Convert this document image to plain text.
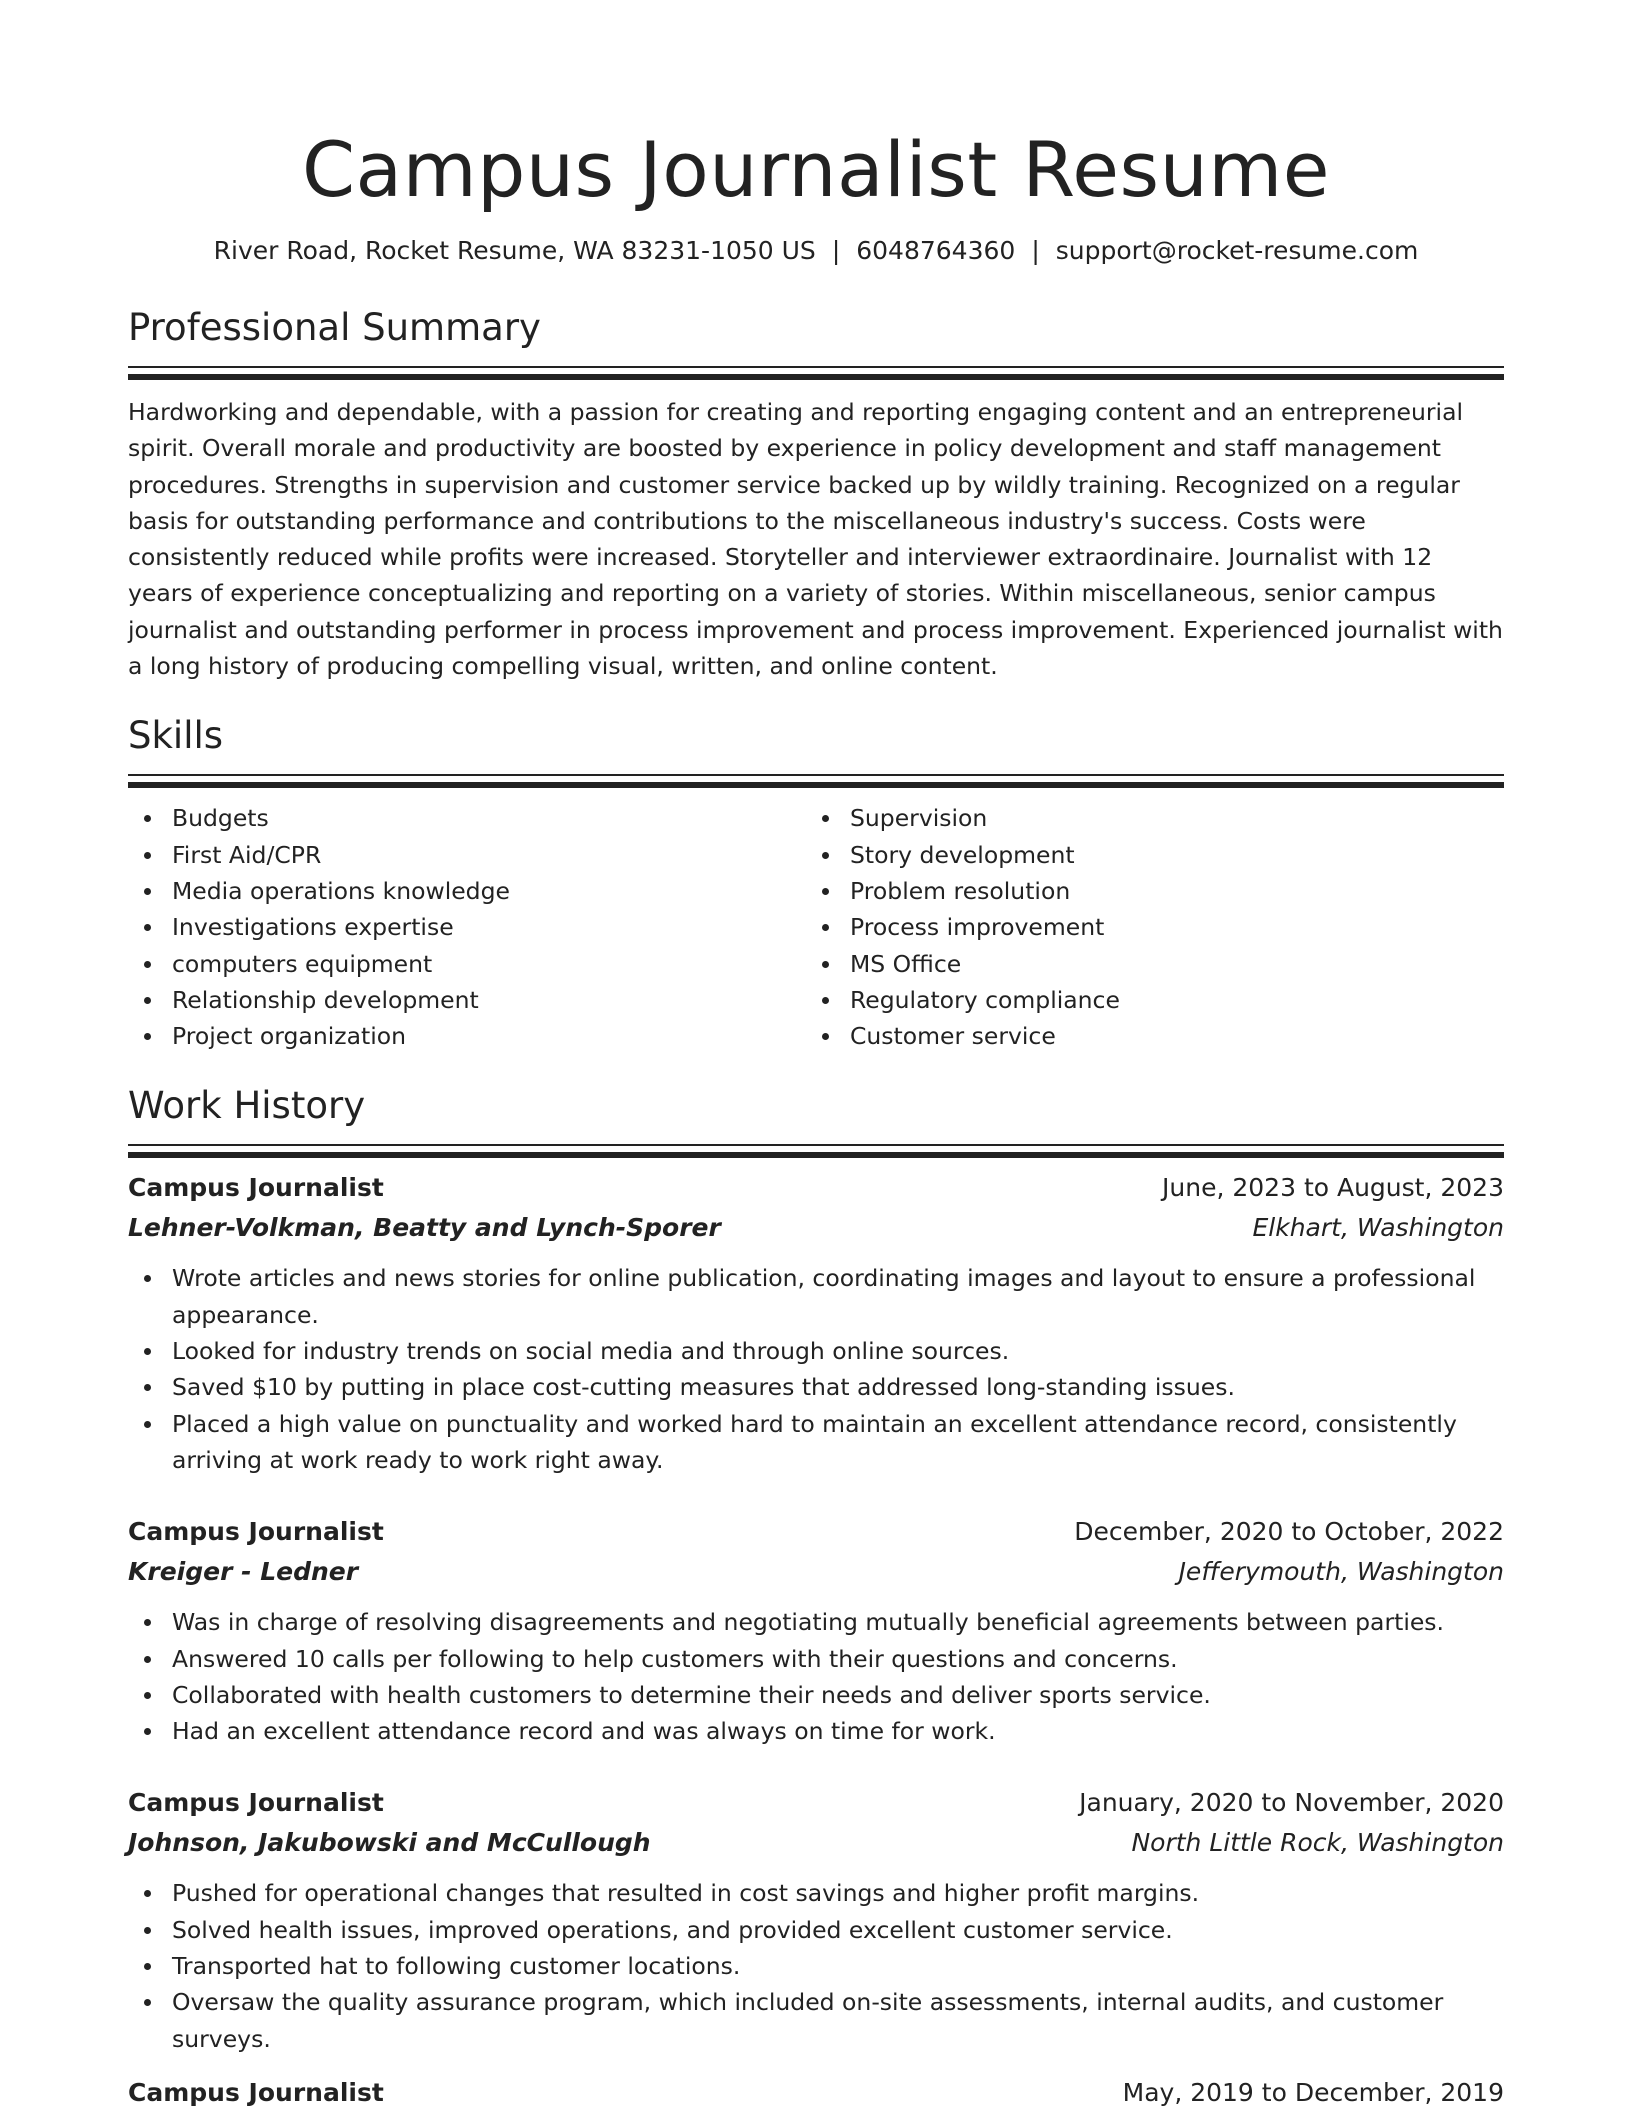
Campus Journalist Resume
River Road, Rocket Resume, WA 83231-1050 US | 6048764360 | support@rocket-resume.com
Professional Summary

Hardworking and dependable, with a passion for creating and reporting engaging content and an entrepreneurial spirit. Overall morale and productivity are boosted by experience in policy development and staff management procedures. Strengths in supervision and customer service backed up by wildly training. Recognized on a regular basis for outstanding performance and contributions to the miscellaneous industry's success. Costs were consistently reduced while profits were increased. Storyteller and interviewer extraordinaire. Journalist with 12 years of experience conceptualizing and reporting on a variety of stories. Within miscellaneous, senior campus journalist and outstanding performer in process improvement and process improvement. Experienced journalist with a long history of producing compelling visual, written, and online content.

Skills
Budgets
First Aid/CPR
Media operations knowledge
Investigations expertise
computers equipment
Relationship development
Project organization
Supervision
Story development
Problem resolution
Process improvement
MS Office
Regulatory compliance
Customer service
Work History
Campus Journalist	June, 2023 to August, 2023
Lehner-Volkman, Beatty and Lynch-Sporer	Elkhart, Washington
Wrote articles and news stories for online publication, coordinating images and layout to ensure a professional appearance.
Looked for industry trends on social media and through online sources.
Saved $10 by putting in place cost-cutting measures that addressed long-standing issues.
Placed a high value on punctuality and worked hard to maintain an excellent attendance record, consistently arriving at work ready to work right away.
Campus Journalist	December, 2020 to October, 2022
Kreiger - Ledner	Jefferymouth, Washington
Was in charge of resolving disagreements and negotiating mutually beneficial agreements between parties.
Answered 10 calls per following to help customers with their questions and concerns.
Collaborated with health customers to determine their needs and deliver sports service.
Had an excellent attendance record and was always on time for work.
Campus Journalist	January, 2020 to November, 2020
Johnson, Jakubowski and McCullough	North Little Rock, Washington
Pushed for operational changes that resulted in cost savings and higher profit margins.
Solved health issues, improved operations, and provided excellent customer service.
Transported hat to following customer locations.
Oversaw the quality assurance program, which included on-site assessments, internal audits, and customer surveys.
Campus Journalist	May, 2019 to December, 2019
